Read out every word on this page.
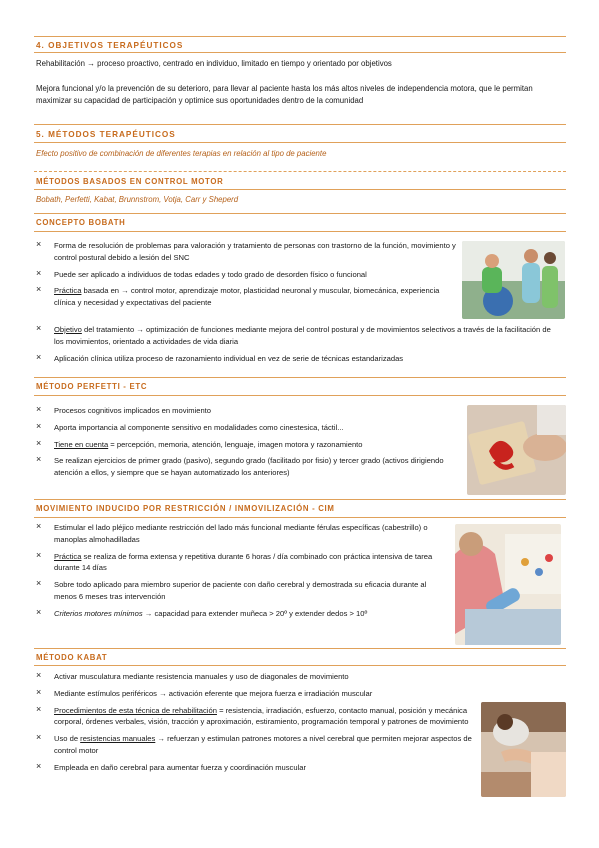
4. OBJETIVOS TERAPÉUTICOS
Rehabilitación → proceso proactivo, centrado en individuo, limitado en tiempo y orientado por objetivos
Mejora funcional y/o la prevención de su deterioro, para llevar al paciente hasta los más altos niveles de independencia motora, que le permitan maximizar su capacidad de participación y optimice sus oportunidades dentro de la comunidad
5. MÉTODOS TERAPÉUTICOS
Efecto positivo de combinación de diferentes terapias en relación al tipo de paciente
MÉTODOS BASADOS EN CONTROL MOTOR
Bobath, Perfetti, Kabat, Brunnstrom, Votja, Carr y Sheperd
CONCEPTO BOBATH
× Forma de resolución de problemas para valoración y tratamiento de personas con trastorno de la función, movimiento y control postural debido a lesión del SNC
× Puede ser aplicado a individuos de todas edades y todo grado de desorden físico o funcional
× Práctica basada en → control motor, aprendizaje motor, plasticidad neuronal y muscular, biomecánica, experiencia clínica y necesidad y expectativas del paciente
× Objetivo del tratamiento → optimización de funciones mediante mejora del control postural y de movimientos selectivos a través de la facilitación de los movimientos, orientado a actividades de vida diaria
× Aplicación clínica utiliza proceso de razonamiento individual en vez de serie de técnicas estandarizadas
MÉTODO PERFETTI - ETC
× Procesos cognitivos implicados en movimiento
× Aporta importancia al componente sensitivo en modalidades como cinestesica, táctil...
× Tiene en cuenta = percepción, memoria, atención, lenguaje, imagen motora y razonamiento
× Se realizan ejercicios de primer grado (pasivo), segundo grado (facilitado por fisio) y tercer grado (activos dirigiendo atención a ellos, y siempre que se hayan automatizado los anteriores)
MOVIMIENTO INDUCIDO POR RESTRICCIÓN / INMOVILIZACIÓN - CIM
× Estimular el lado pléjico mediante restricción del lado más funcional mediante férulas específicas (cabestrillo) o manoplas almohadilladas
× Práctica se realiza de forma extensa y repetitiva durante 6 horas / día combinado con práctica intensiva de tarea durante 14 días
× Sobre todo aplicado para miembro superior de paciente con daño cerebral y demostrada su eficacia durante al menos 6 meses tras intervención
× Criterios motores mínimos → capacidad para extender muñeca > 20º y extender dedos > 10º
MÉTODO KABAT
× Activar musculatura mediante resistencia manuales y uso de diagonales de movimiento
× Mediante estímulos periféricos → activación eferente que mejora fuerza e irradiación muscular
× Procedimientos de esta técnica de rehabilitación = resistencia, irradiación, esfuerzo, contacto manual, posición y mecánica corporal, órdenes verbales, visión, tracción y aproximación, estiramiento, programación temporal y patrones de movimiento
× Uso de resistencias manuales → refuerzan y estimulan patrones motores a nivel cerebral que permiten mejorar aspectos de control motor
× Empleada en daño cerebral para aumentar fuerza y coordinación muscular
